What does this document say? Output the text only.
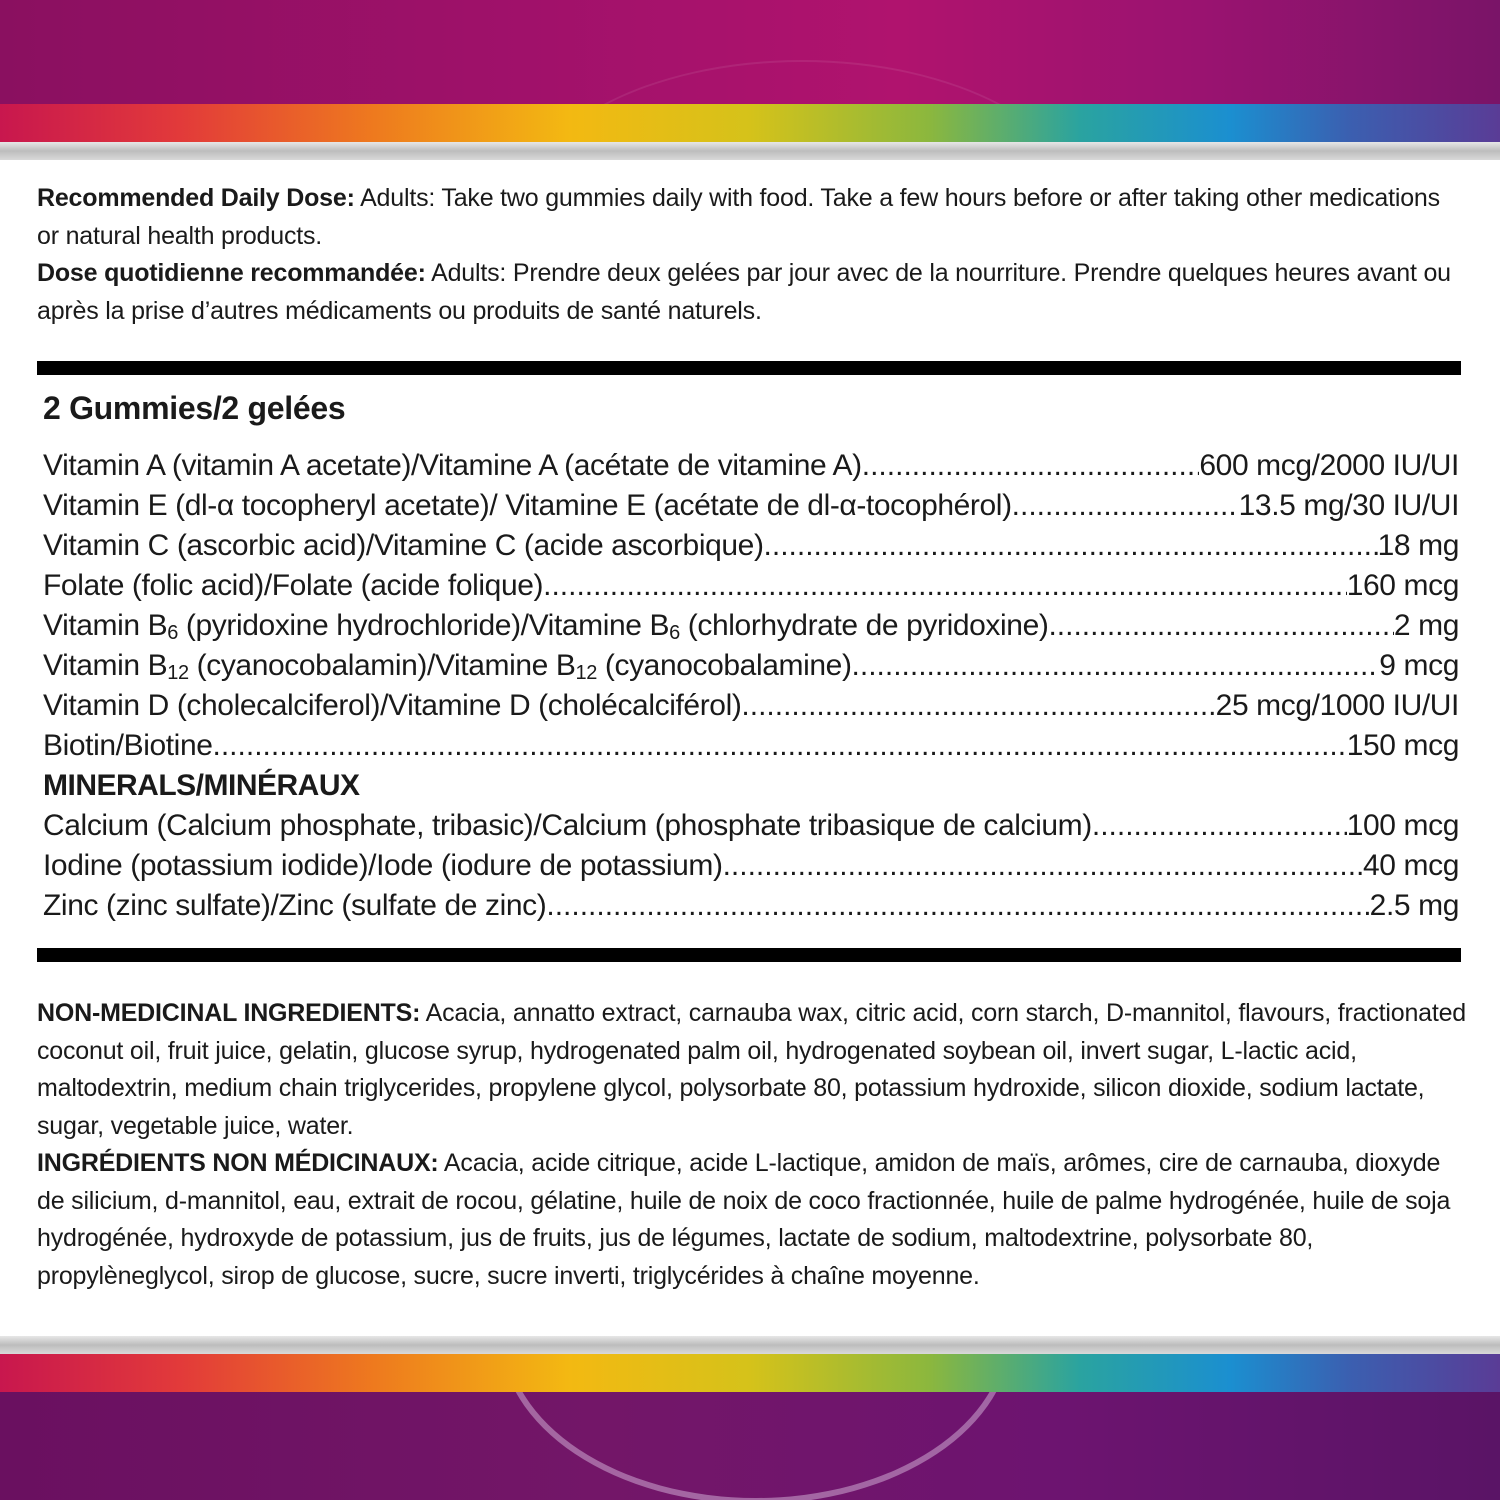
Recommended Daily Dose: Adults: Take two gummies daily with food. Take a few hours before or after taking other medications or natural health products.
Dose quotidienne recommandée: Adults: Prendre deux gelées par jour avec de la nourriture. Prendre quelques heures avant ou après la prise d’autres médicaments ou produits de santé naturels.
2 Gummies/2 gelées
Vitamin A (vitamin A acetate)/Vitamine A (acétate de vitamine A) .....	600 mcg/2000 IU/UI
Vitamin E (dl-α tocopheryl acetate)/ Vitamine E (acétate de dl-α-tocophérol) .....	13.5 mg/30 IU/UI
Vitamin C (ascorbic acid)/Vitamine C (acide ascorbique) .....	18 mg
Folate (folic acid)/Folate (acide folique) .....	160 mcg
Vitamin $B_6$ (pyridoxine hydrochloride)/Vitamine $B_6$ (chlorhydrate de pyridoxine) .....	2 mg
Vitamin $B_{12}$ (cyanocobalamin)/Vitamine $B_{12}$ (cyanocobalamine) .....	9 mcg
Vitamin D (cholecalciferol)/Vitamine D (cholécalciférol) .....	25 mcg/1000 IU/UI
Biotin/Biotine .....	150 mcg
MINERALS/MINÉRAUX
Calcium (Calcium phosphate, tribasic)/Calcium (phosphate tribasique de calcium) .....	100 mcg
Iodine (potassium iodide)/Iode (iodure de potassium) .....	40 mcg
Zinc (zinc sulfate)/Zinc (sulfate de zinc) .....	2.5 mg
NON-MEDICINAL INGREDIENTS: Acacia, annatto extract, carnauba wax, citric acid, corn starch, D-mannitol, flavours, fractionated coconut oil, fruit juice, gelatin, glucose syrup, hydrogenated palm oil, hydrogenated soybean oil, invert sugar, L-lactic acid, maltodextrin, medium chain triglycerides, propylene glycol, polysorbate 80, potassium hydroxide, silicon dioxide, sodium lactate, sugar, vegetable juice, water.
INGRÉDIENTS NON MÉDICINAUX: Acacia, acide citrique, acide L-lactique, amidon de maïs, arômes, cire de carnauba, dioxyde de silicium, d-mannitol, eau, extrait de rocou, gélatine, huile de noix de coco fractionnée, huile de palme hydrogénée, huile de soja hydrogénée, hydroxyde de potassium, jus de fruits, jus de légumes, lactate de sodium, maltodextrine, polysorbate 80, propylèneglycol, sirop de glucose, sucre, sucre inverti, triglycérides à chaîne moyenne.
